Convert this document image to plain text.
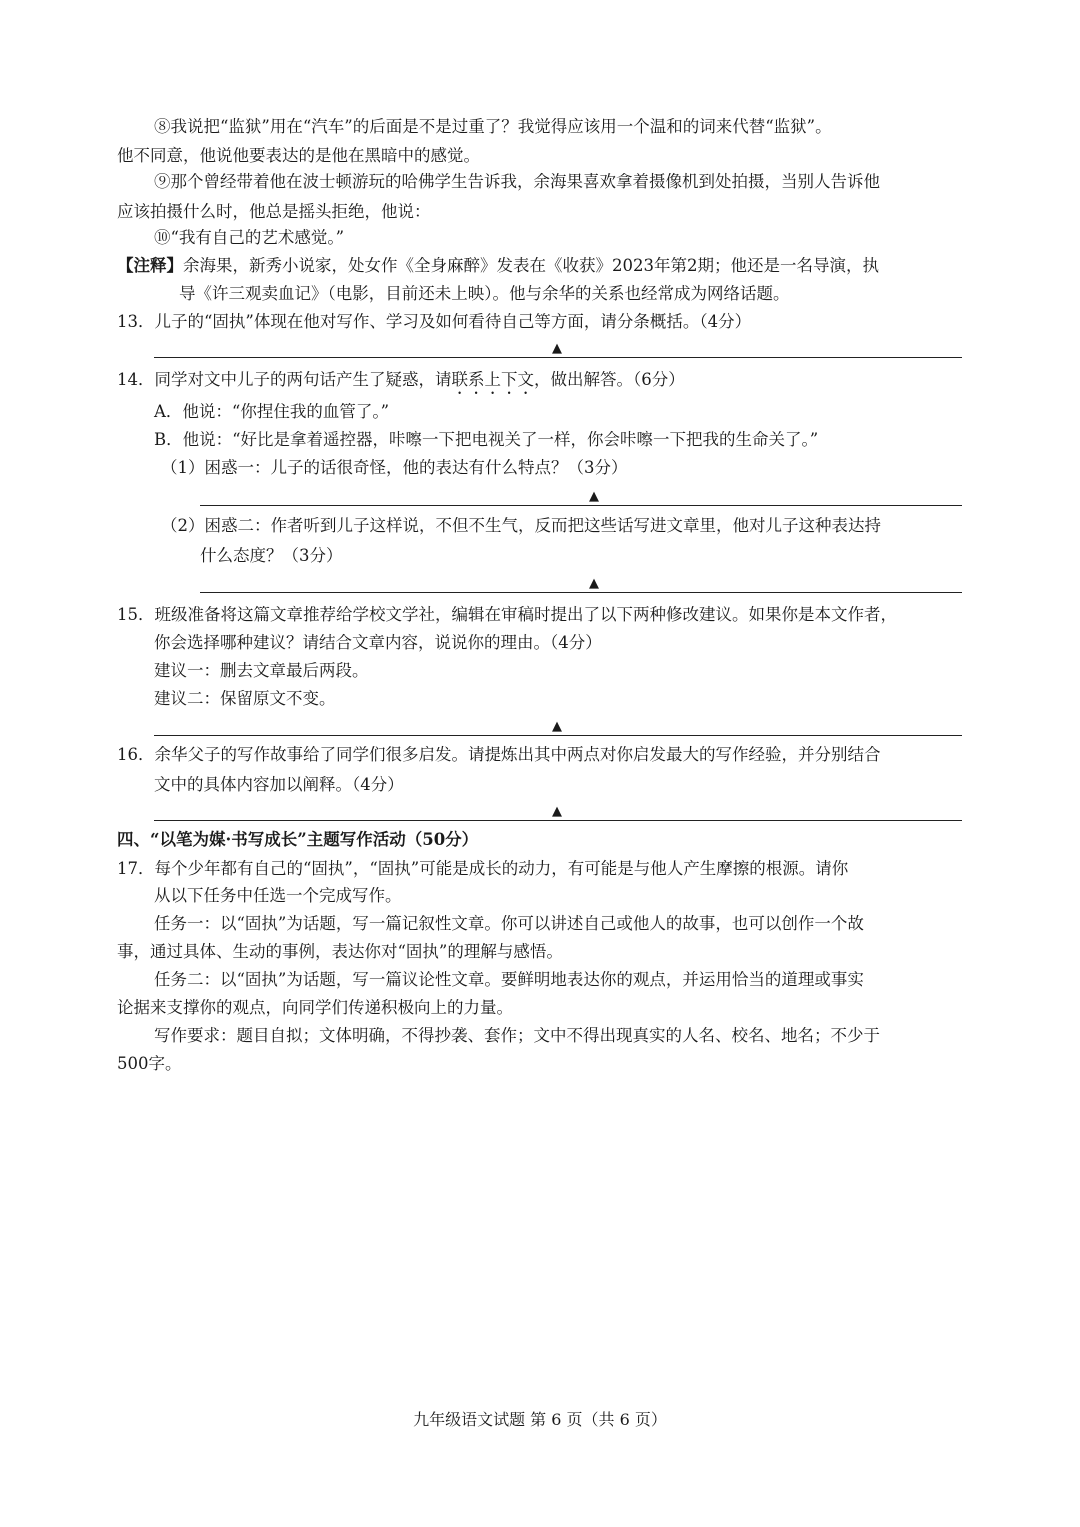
⑧我说把“监狱”用在“汽车”的后面是不是过重了？我觉得应该用一个温和的词来代替“监狱”。
他不同意，他说他要表达的是他在黑暗中的感觉。
⑨那个曾经带着他在波士顿游玩的哈佛学生告诉我，余海果喜欢拿着摄像机到处拍摄，当别人告诉他
应该拍摄什么时，他总是摇头拒绝，他说：
⑩“我有自己的艺术感觉。”
【注释】余海果，新秀小说家，处女作《全身麻醉》发表在《收获》2023年第2期；他还是一名导演，执
导《许三观卖血记》（电影，目前还未上映）。他与余华的关系也经常成为网络话题。
13．儿子的“固执”体现在他对写作、学习及如何看待自己等方面，请分条概括。（4分）
▲
14．同学对文中儿子的两句话产生了疑惑，请联系上下文，做出解答。（6分）
A．他说：“你捏住我的血管了。”
B．他说：“好比是拿着遥控器，咔嚓一下把电视关了一样，你会咔嚓一下把我的生命关了。”
（1）困惑一：儿子的话很奇怪，他的表达有什么特点？（3分）
▲
（2）困惑二：作者听到儿子这样说，不但不生气，反而把这些话写进文章里，他对儿子这种表达持
什么态度？（3分）
▲
15．班级准备将这篇文章推荐给学校文学社，编辑在审稿时提出了以下两种修改建议。如果你是本文作者，
你会选择哪种建议？请结合文章内容，说说你的理由。（4分）
建议一：删去文章最后两段。
建议二：保留原文不变。
▲
16．余华父子的写作故事给了同学们很多启发。请提炼出其中两点对你启发最大的写作经验，并分别结合
文中的具体内容加以阐释。（4分）
▲
四、“以笔为媒·书写成长”主题写作活动（50分）
17．每个少年都有自己的“固执”，“固执”可能是成长的动力，有可能是与他人产生摩擦的根源。请你
从以下任务中任选一个完成写作。
任务一：以“固执”为话题，写一篇记叙性文章。你可以讲述自己或他人的故事，也可以创作一个故
事，通过具体、生动的事例，表达你对“固执”的理解与感悟。
任务二：以“固执”为话题，写一篇议论性文章。要鲜明地表达你的观点，并运用恰当的道理或事实
论据来支撑你的观点，向同学们传递积极向上的力量。
写作要求：题目自拟；文体明确，不得抄袭、套作；文中不得出现真实的人名、校名、地名；不少于
500字。
九年级语文试题 第 6 页（共 6 页）
